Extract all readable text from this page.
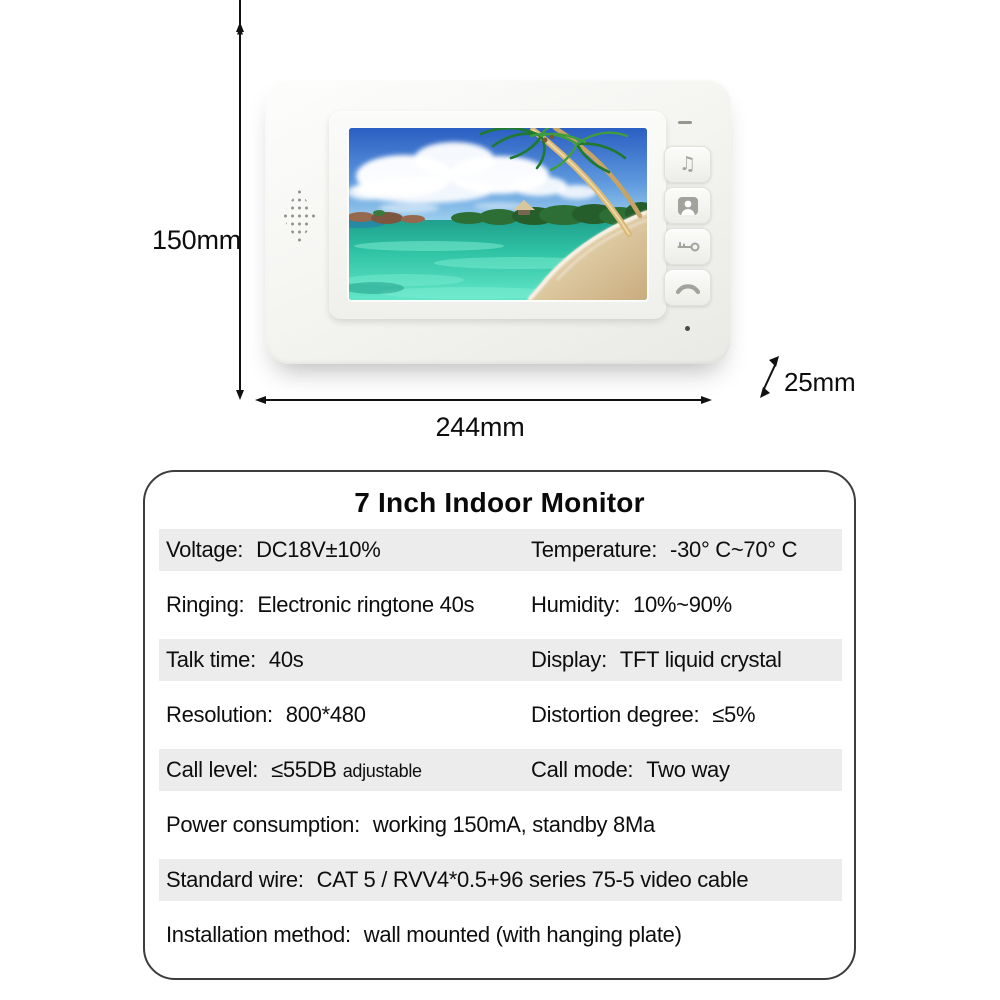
150mm
244mm
25mm
♫
7 Inch Indoor Monitor
Voltage: DC18V±10%	Temperature: -30° C~70° C
Ringing: Electronic ringtone 40s	Humidity: 10%~90%
Talk time: 40s	Display: TFT liquid crystal
Resolution: 800*480	Distortion degree: ≤5%
Call level: ≤55DB adjustable	Call mode: Two way
Power consumption: working 150mA, standby 8Ma
Standard wire: CAT 5 / RVV4*0.5+96 series 75-5 video cable
Installation method: wall mounted (with hanging plate)
